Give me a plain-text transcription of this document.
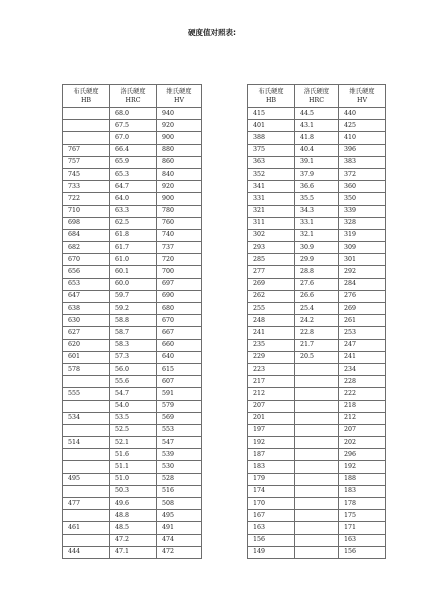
硬度值对照表:
布氏硬度
HB	洛氏硬度
HRC	维氏硬度
HV		布氏硬度
HB	洛氏硬度
HRC	维氏硬度
HV

	68.0	940		415	44.5	440
	67.5	920		401	43.1	425
	67.0	900		388	41.8	410
767	66.4	880		375	40.4	396
757	65.9	860		363	39.1	383
745	65.3	840		352	37.9	372
733	64.7	920		341	36.6	360
722	64.0	900		331	35.5	350
710	63.3	780		321	34.3	339
698	62.5	760		311	33.1	328
684	61.8	740		302	32.1	319
682	61.7	737		293	30.9	309
670	61.0	720		285	29.9	301
656	60.1	700		277	28.8	292
653	60.0	697		269	27.6	284
647	59.7	690		262	26.6	276
638	59.2	680		255	25.4	269
630	58.8	670		248	24.2	261
627	58.7	667		241	22.8	253
620	58.3	660		235	21.7	247
601	57.3	640		229	20.5	241
578	56.0	615		223		234
	55.6	607		217		228
555	54.7	591		212		222
	54.0	579		207		218
534	53.5	569		201		212
	52.5	553		197		207
514	52.1	547		192		202
	51.6	539		187		296
	51.1	530		183		192
495	51.0	528		179		188
	50.3	516		174		183
477	49.6	508		170		178
	48.8	495		167		175
461	48.5	491		163		171
	47.2	474		156		163
444	47.1	472		149		156
